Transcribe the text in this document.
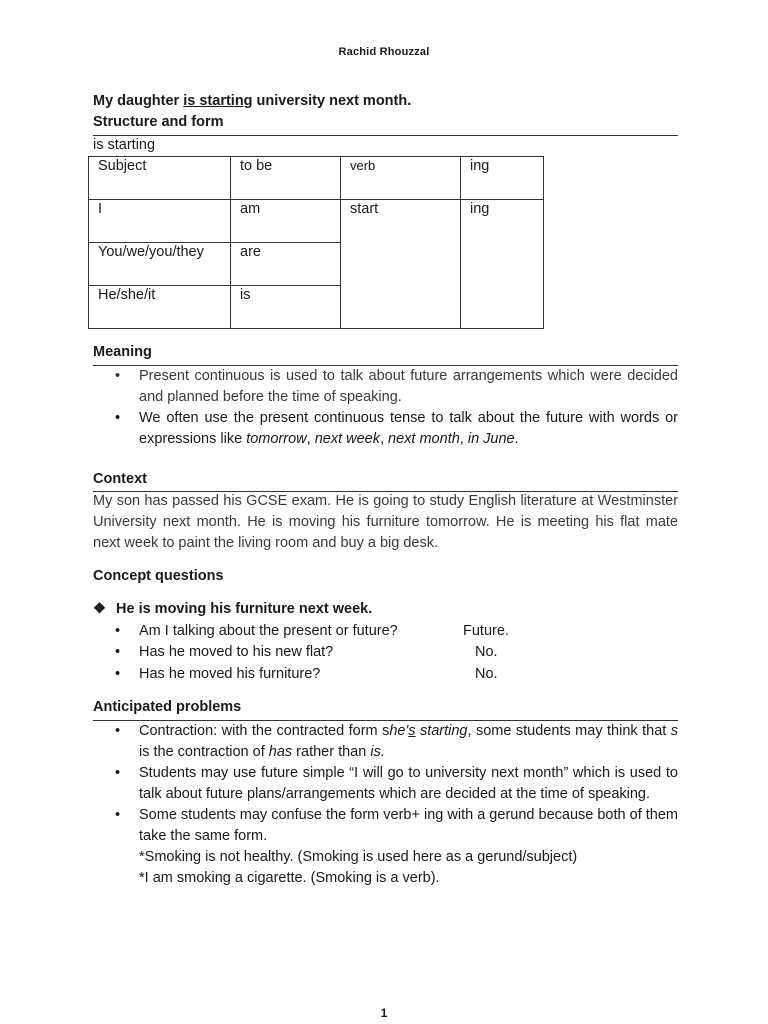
Rachid Rhouzzal
My daughter is starting university next month.
Structure and form
is starting
Subject	to be	verb	ing
I	am	start	ing
You/we/you/they	are		
He/she/it	is		
Meaning
• Present continuous is used to talk about future arrangements which were decided and planned before the time of speaking.
• We often use the present continuous tense to talk about the future with words or expressions like tomorrow, next week, next month, in June.
Context
My son has passed his GCSE exam. He is going to study English literature at Westminster University next month. He is moving his furniture tomorrow. He is meeting his flat mate next week to paint the living room and buy a big desk.
Concept questions
❖ He is moving his furniture next week.
• Am I talking about the present or future?	Future.
• Has he moved to his new flat?	No.
• Has he moved his furniture?	No.
Anticipated problems
• Contraction: with the contracted form she's starting, some students may think that s is the contraction of has rather than is.
• Students may use future simple “I will go to university next month” which is used to talk about future plans/arrangements which are decided at the time of speaking.
• Some students may confuse the form verb+ ing with a gerund because both of them take the same form.
*Smoking is not healthy. (Smoking is used here as a gerund/subject)
*I am smoking a cigarette. (Smoking is a verb).
1
